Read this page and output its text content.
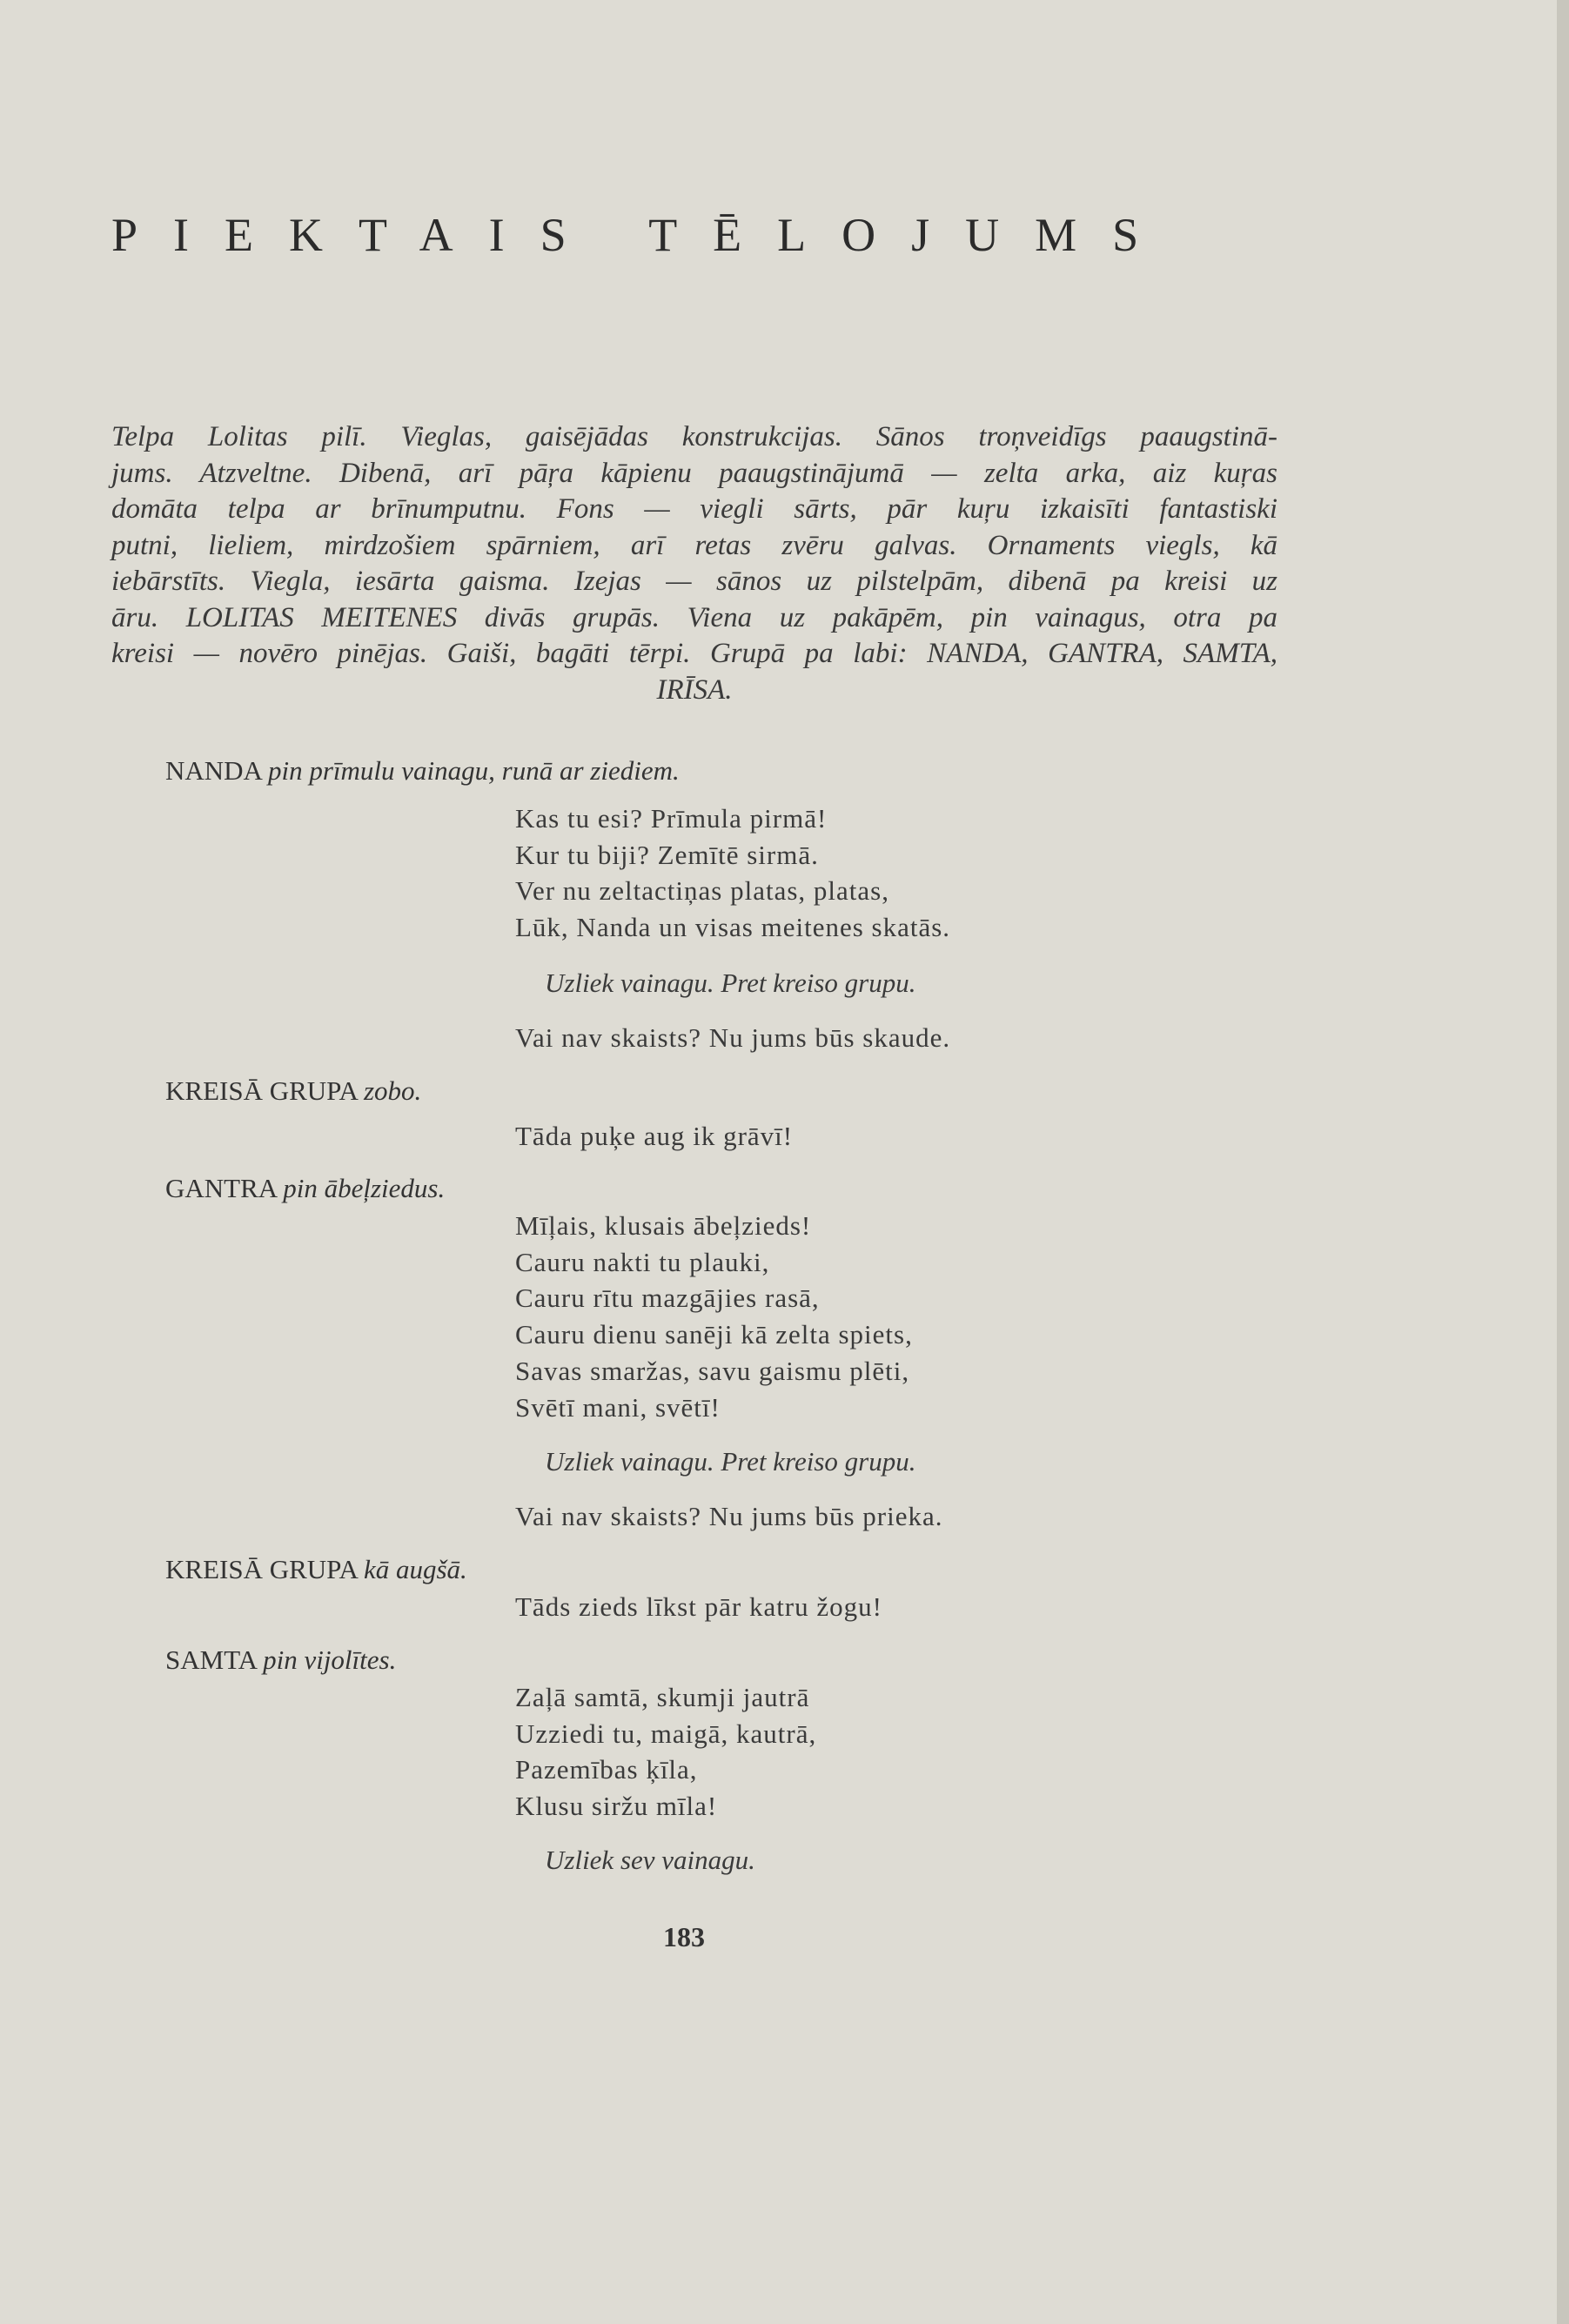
PIEKTAIS TĒLOJUMS
Telpa Lolitas pilī. Vieglas, gaisējādas konstrukcijas. Sānos troņveidīgs paaugstinā-
jums. Atzveltne. Dibenā, arī pāŗa kāpienu paaugstinājumā — zelta arka, aiz kuŗas
domāta telpa ar brīnumputnu. Fons — viegli sārts, pār kuŗu izkaisīti fantastiski
putni, lieliem, mirdzošiem spārniem, arī retas zvēru galvas. Ornaments viegls, kā
iebārstīts. Viegla, iesārta gaisma. Izejas — sānos uz pilstelpām, dibenā pa kreisi uz
āru. LOLITAS MEITENES divās grupās. Viena uz pakāpēm, pin vainagus, otra pa
kreisi — novēro pinējas. Gaiši, bagāti tērpi. Grupā pa labi: NANDA, GANTRA, SAMTA,
IRĪSA.
NANDA pin prīmulu vainagu, runā ar ziediem.
Kas tu esi? Prīmula pirmā!
Kur tu biji? Zemītē sirmā.
Ver nu zeltactiņas platas, platas,
Lūk, Nanda un visas meitenes skatās.
Uzliek vainagu. Pret kreiso grupu.
Vai nav skaists? Nu jums būs skaude.
KREISĀ GRUPA zobo.
Tāda puķe aug ik grāvī!
GANTRA pin ābeļziedus.
Mīļais, klusais ābeļzieds!
Cauru nakti tu plauki,
Cauru rītu mazgājies rasā,
Cauru dienu sanēji kā zelta spiets,
Savas smaržas, savu gaismu plēti,
Svētī mani, svētī!
Uzliek vainagu. Pret kreiso grupu.
Vai nav skaists? Nu jums būs prieka.
KREISĀ GRUPA kā augšā.
Tāds zieds līkst pār katru žogu!
SAMTA pin vijolītes.
Zaļā samtā, skumji jautrā
Uzziedi tu, maigā, kautrā,
Pazemības ķīla,
Klusu siržu mīla!
Uzliek sev vainagu.
183
